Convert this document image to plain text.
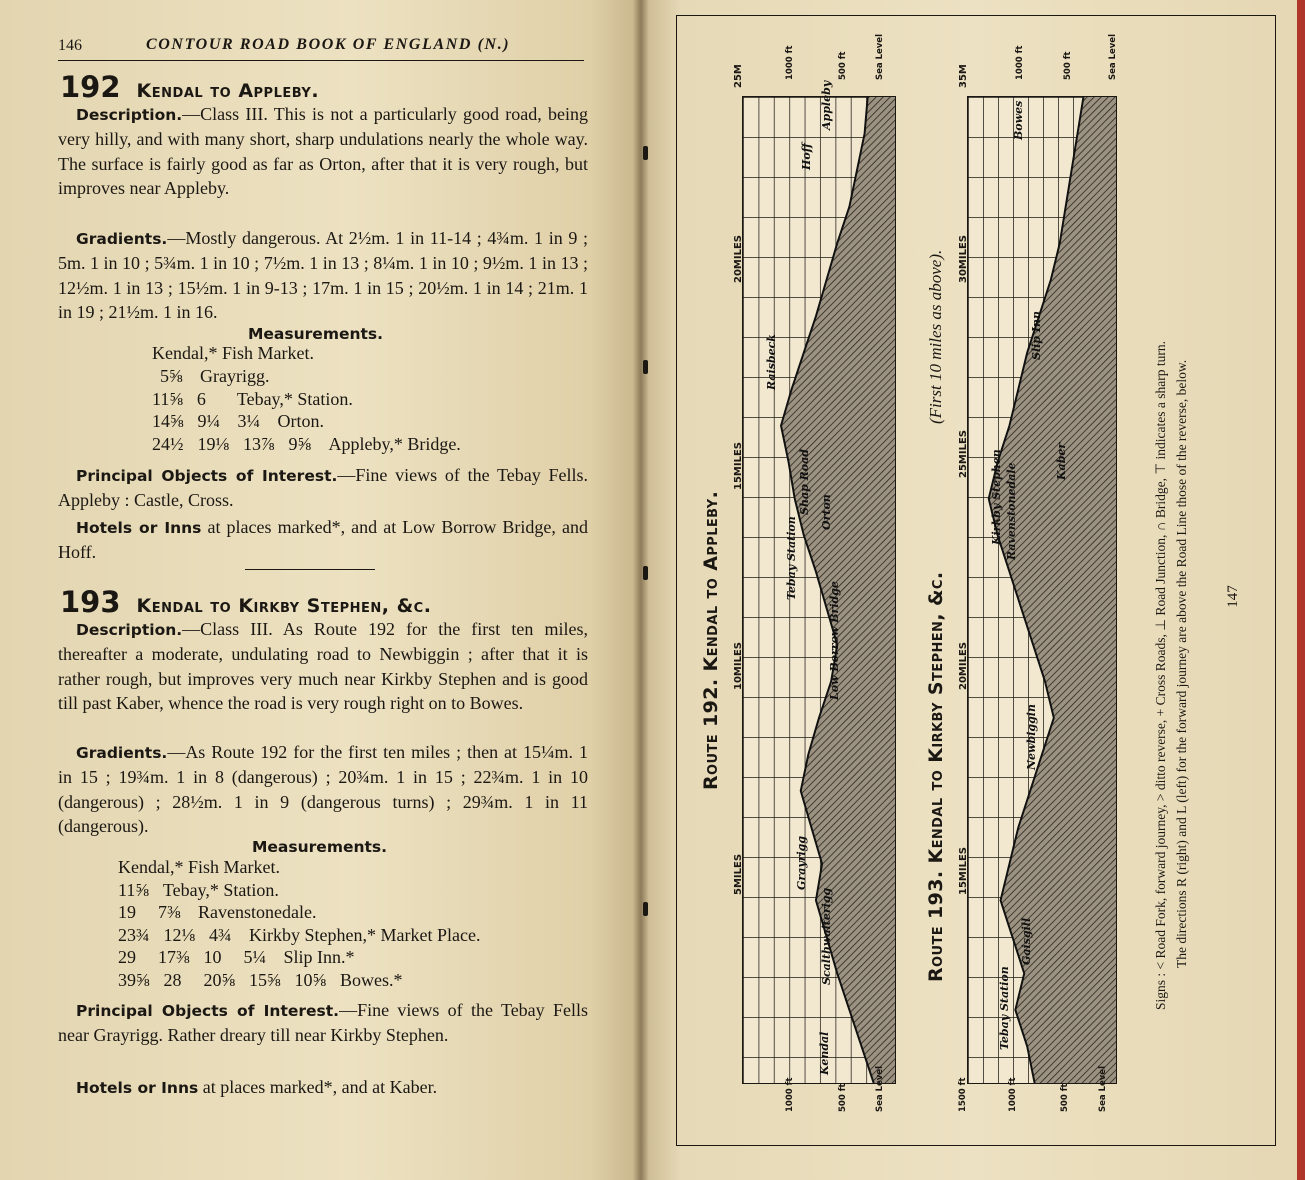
146	CONTOUR ROAD BOOK OF ENGLAND (N.)
192 Kendal to Appleby.
Description.—Class III. This is not a particularly good road, being very hilly, and with many short, sharp undulations nearly the whole way. The surface is fairly good as far as Orton, after that it is very rough, but improves near Appleby.
Gradients.—Mostly dangerous. At 2½m. 1 in 11-14 ; 4¾m. 1 in 9 ; 5m. 1 in 10 ; 5¾m. 1 in 10 ; 7½m. 1 in 13 ; 8¼m. 1 in 10 ; 9½m. 1 in 13 ; 12½m. 1 in 13 ; 15½m. 1 in 9-13 ; 17m. 1 in 15 ; 20½m. 1 in 14 ; 21m. 1 in 19 ; 21½m. 1 in 16.
Measurements.
Kendal,* Fish Market.
5⅝ Grayrigg.
11⅝ 6 Tebay,* Station.
14⅝ 9¼ 3¼ Orton.
24½ 19⅛ 13⅞ 9⅝ Appleby,* Bridge.
Principal Objects of Interest.—Fine views of the Tebay Fells. Appleby : Castle, Cross.
Hotels or Inns at places marked*, and at Low Borrow Bridge, and Hoff.
193 Kendal to Kirkby Stephen, &c.
Description.—Class III. As Route 192 for the first ten miles, thereafter a moderate, undulating road to Newbiggin ; after that it is rather rough, but improves very much near Kirkby Stephen and is good till past Kaber, whence the road is very rough right on to Bowes.
Gradients.—As Route 192 for the first ten miles ; then at 15¼m. 1 in 15 ; 19¾m. 1 in 8 (dangerous) ; 20¾m. 1 in 15 ; 22¾m. 1 in 10 (dangerous) ; 28½m. 1 in 9 (dangerous turns) ; 29¾m. 1 in 11 (dangerous).
Measurements.
Kendal,* Fish Market.
11⅝ Tebay,* Station.
19 7⅜ Ravenstonedale.
23¾ 12⅛ 4¾ Kirkby Stephen,* Market Place.
29 17⅜ 10 5¼ Slip Inn.*
39⅝ 28 20⅝ 15⅝ 10⅝ Bowes.*
Principal Objects of Interest.—Fine views of the Tebay Fells near Grayrigg. Rather dreary till near Kirkby Stephen.
Hotels or Inns at places marked*, and at Kaber.
Route 192. Kendal to Appleby.	Route 193. Kendal to Kirkby Stephen, &c.
(First 10 miles as above).
5MILES
10MILES
15MILES
20MILES
25M
15MILES
20MILES
25MILES
30MILES
35M
1000 ft	500 ft	Sea Level
1000 ft	500 ft	Sea Level
1500 ft	1000 ft	500 ft	Sea Level
1000 ft	500 ft	Sea Level
Kendal
Scalthwaiterigg
Grayrigg
Low Borrow Bridge
Tebay Station
Orton
Shap Road
Raisbeck
Hoff
Appleby
Tebay Station
Gaisgill
Newbiggin
Ravenstonedale
Kirkby Stephen	Kaber
Slip Inn
Bowes
Signs : < Road Fork, forward journey, > ditto reverse, + Cross Roads, ⊥ Road Junction, ∩ Bridge, ⊤ indicates a sharp turn. The directions R (right) and L (left) for the forward journey are above the Road Line those of the reverse, below. 147
